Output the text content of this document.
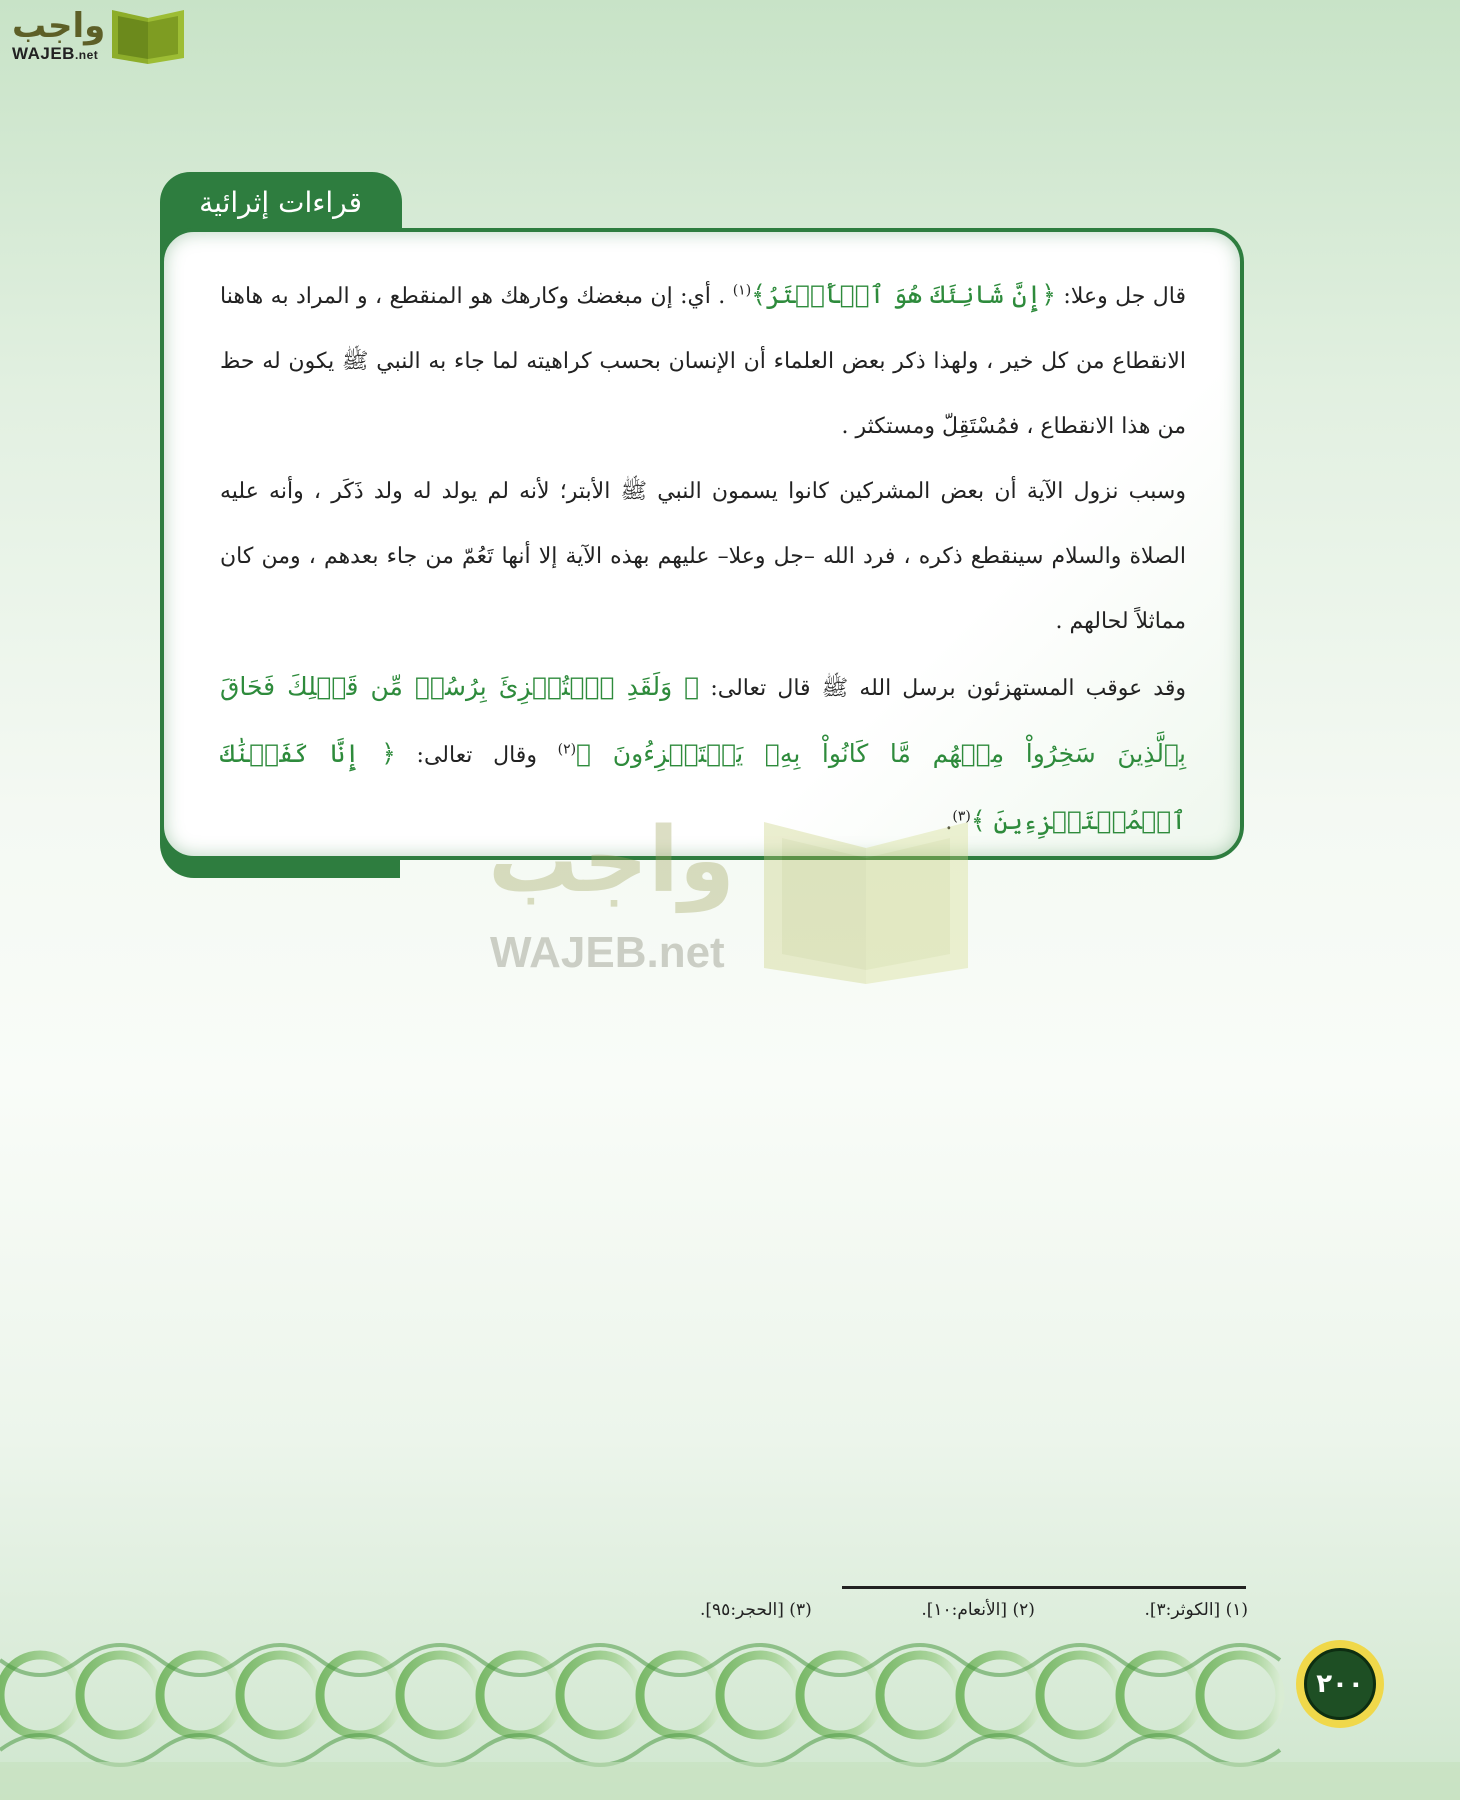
واجب
WAJEB.net
قراءات إثرائية

قال جل وعلا: ﴿إِنَّ شَانِئَكَ هُوَ ٱلۡأَبۡتَرُ﴾$^{(١)}$ . أي: إن مبغضك وكارهك هو المنقطع ، و المراد به هاهنا الانقطاع من كل خير ، ولهذا ذكر بعض العلماء أن الإنسان بحسب كراهيته لما جاء به النبي ﷺ يكون له حظ من هذا الانقطاع ، فمُسْتَقِلّ ومستكثر .

وسبب نزول الآية أن بعض المشركين كانوا يسمون النبي ﷺ الأبتر؛ لأنه لم يولد له ولد ذَكَر ، وأنه عليه الصلاة والسلام سينقطع ذكره ، فرد الله –جل وعلا– عليهم بهذه الآية إلا أنها تَعُمّ من جاء بعدهم ، ومن كان مماثلاً لحالهم .

وقد عوقب المستهزئون برسل الله ﷺ قال تعالى: ﴿ وَلَقَدِ ٱسۡتُهۡزِئَ بِرُسُلٖ مِّن قَبۡلِكَ فَحَاقَ بِٱلَّذِينَ سَخِرُواْ مِنۡهُم مَّا كَانُواْ بِهِۦ يَسۡتَهۡزِءُونَ ﴾$^{(٢)}$ وقال تعالى: ﴿ إِنَّا كَفَيۡنَٰكَ ٱلۡمُسۡتَهۡزِءِينَ ﴾$^{(٣)}$.

واجب
WAJEB.net
(١) [الكوثر:٣].
(٢) [الأنعام:١٠].
(٣) [الحجر:٩٥].
٢٠٠
